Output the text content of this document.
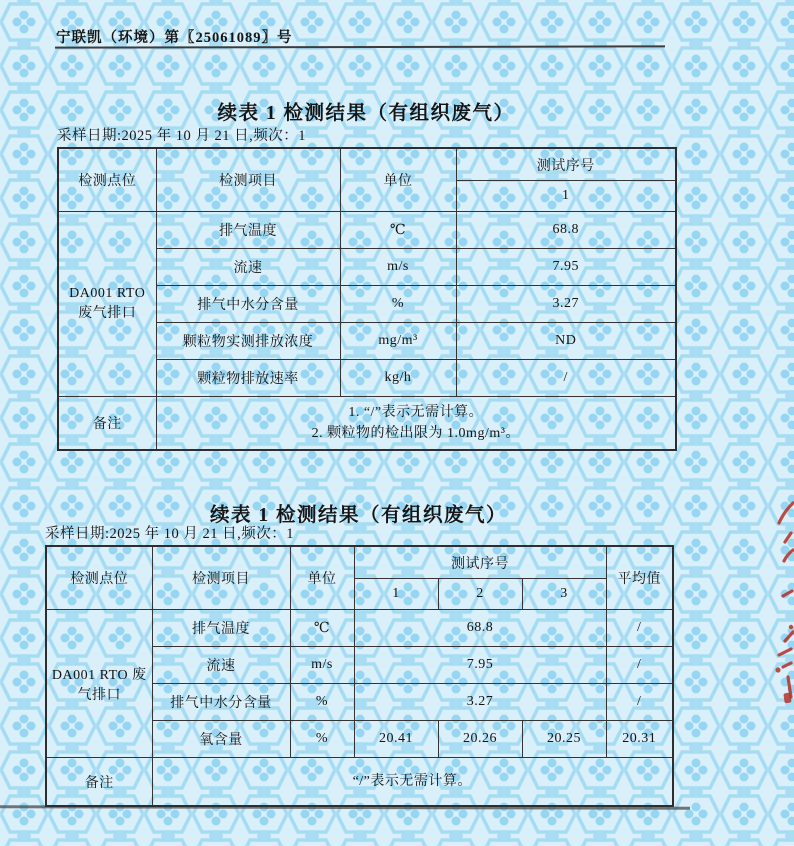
宁联凯（环境）第〖25061089〗号
续表 1 检测结果（有组织废气）
采样日期:2025 年 10 月 21 日,频次：1
检测点位	检测项目	单位	测试序号
			1
DA001 RTO 废气排口	排气温度	℃	68.8
	流速	m/s	7.95
	排气中水分含量	%	3.27
	颗粒物实测排放浓度	mg/m³	ND
	颗粒物排放速率	kg/h	/
备注	1. “/”表示无需计算。
2. 颗粒物的检出限为 1.0mg/m³。		
续表 1 检测结果（有组织废气）
采样日期:2025 年 10 月 21 日,频次：1
检测点位	检测项目	单位	测试序号			平均值
			1	2	3	
DA001 RTO 废气排口	排气温度	℃	68.8			/
	流速	m/s	7.95			/
	排气中水分含量	%	3.27			/
	氧含量	%	20.41	20.26	20.25	20.31
备注	“/”表示无需计算。					
